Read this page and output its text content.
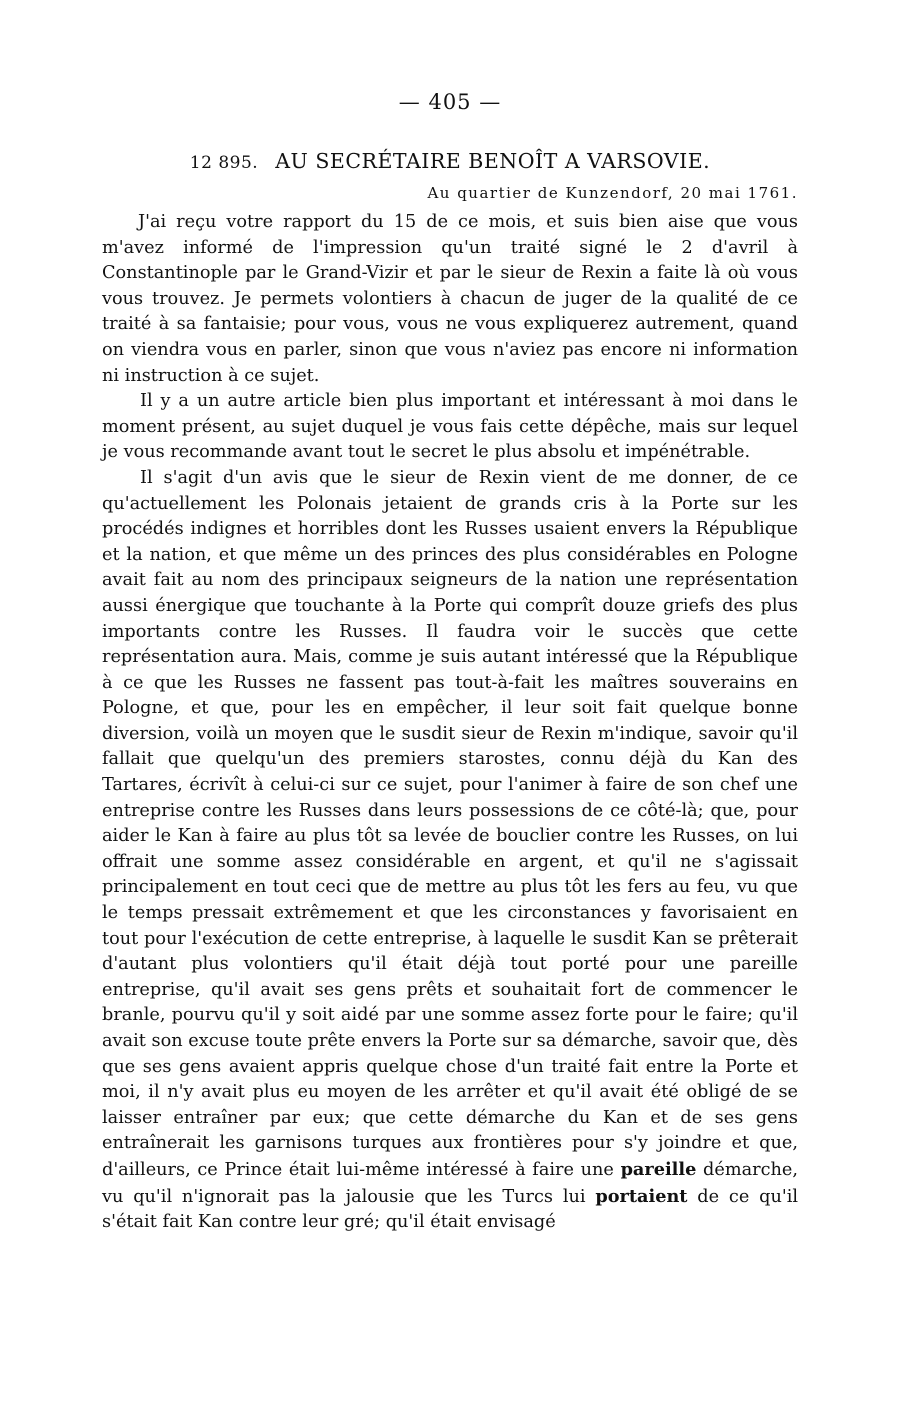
— 405 —
12 895. AU SECRÉTAIRE BENOÎT A VARSOVIE.
Au quartier de Kunzendorf, 20 mai 1761.

J'ai reçu votre rapport du 15 de ce mois, et suis bien aise que vous m'avez informé de l'impression qu'un traité signé le 2 d'avril à Constantinople par le Grand-Vizir et par le sieur de Rexin a faite là où vous vous trouvez. Je permets volontiers à chacun de juger de la qualité de ce traité à sa fantaisie; pour vous, vous ne vous expliquerez autrement, quand on viendra vous en parler, sinon que vous n'aviez pas encore ni information ni instruction à ce sujet.

Il y a un autre article bien plus important et intéressant à moi dans le moment présent, au sujet duquel je vous fais cette dépêche, mais sur lequel je vous recommande avant tout le secret le plus absolu et impénétrable.

Il s'agit d'un avis que le sieur de Rexin vient de me donner, de ce qu'actuellement les Polonais jetaient de grands cris à la Porte sur les procédés indignes et horribles dont les Russes usaient envers la République et la nation, et que même un des princes des plus considérables en Pologne avait fait au nom des principaux seigneurs de la nation une représentation aussi énergique que touchante à la Porte qui comprît douze griefs des plus importants contre les Russes. Il faudra voir le succès que cette représentation aura. Mais, comme je suis autant intéressé que la République à ce que les Russes ne fassent pas tout-à-fait les maîtres souverains en Pologne, et que, pour les en empêcher, il leur soit fait quelque bonne diversion, voilà un moyen que le susdit sieur de Rexin m'indique, savoir qu'il fallait que quelqu'un des premiers starostes, connu déjà du Kan des Tartares, écrivît à celui-ci sur ce sujet, pour l'animer à faire de son chef une entreprise contre les Russes dans leurs possessions de ce côté-là; que, pour aider le Kan à faire au plus tôt sa levée de bouclier contre les Russes, on lui offrait une somme assez considérable en argent, et qu'il ne s'agissait principalement en tout ceci que de mettre au plus tôt les fers au feu, vu que le temps pressait extrêmement et que les circonstances y favorisaient en tout pour l'exécution de cette entreprise, à laquelle le susdit Kan se prêterait d'autant plus volontiers qu'il était déjà tout porté pour une pareille entreprise, qu'il avait ses gens prêts et souhaitait fort de commencer le branle, pourvu qu'il y soit aidé par une somme assez forte pour le faire; qu'il avait son excuse toute prête envers la Porte sur sa démarche, savoir que, dès que ses gens avaient appris quelque chose d'un traité fait entre la Porte et moi, il n'y avait plus eu moyen de les arrêter et qu'il avait été obligé de se laisser entraîner par eux; que cette démarche du Kan et de ses gens entraînerait les garnisons turques aux frontières pour s'y joindre et que, d'ailleurs, ce Prince était lui-même intéressé à faire une pareille démarche, vu qu'il n'ignorait pas la jalousie que les Turcs lui portaient de ce qu'il s'était fait Kan contre leur gré; qu'il était envisagé
